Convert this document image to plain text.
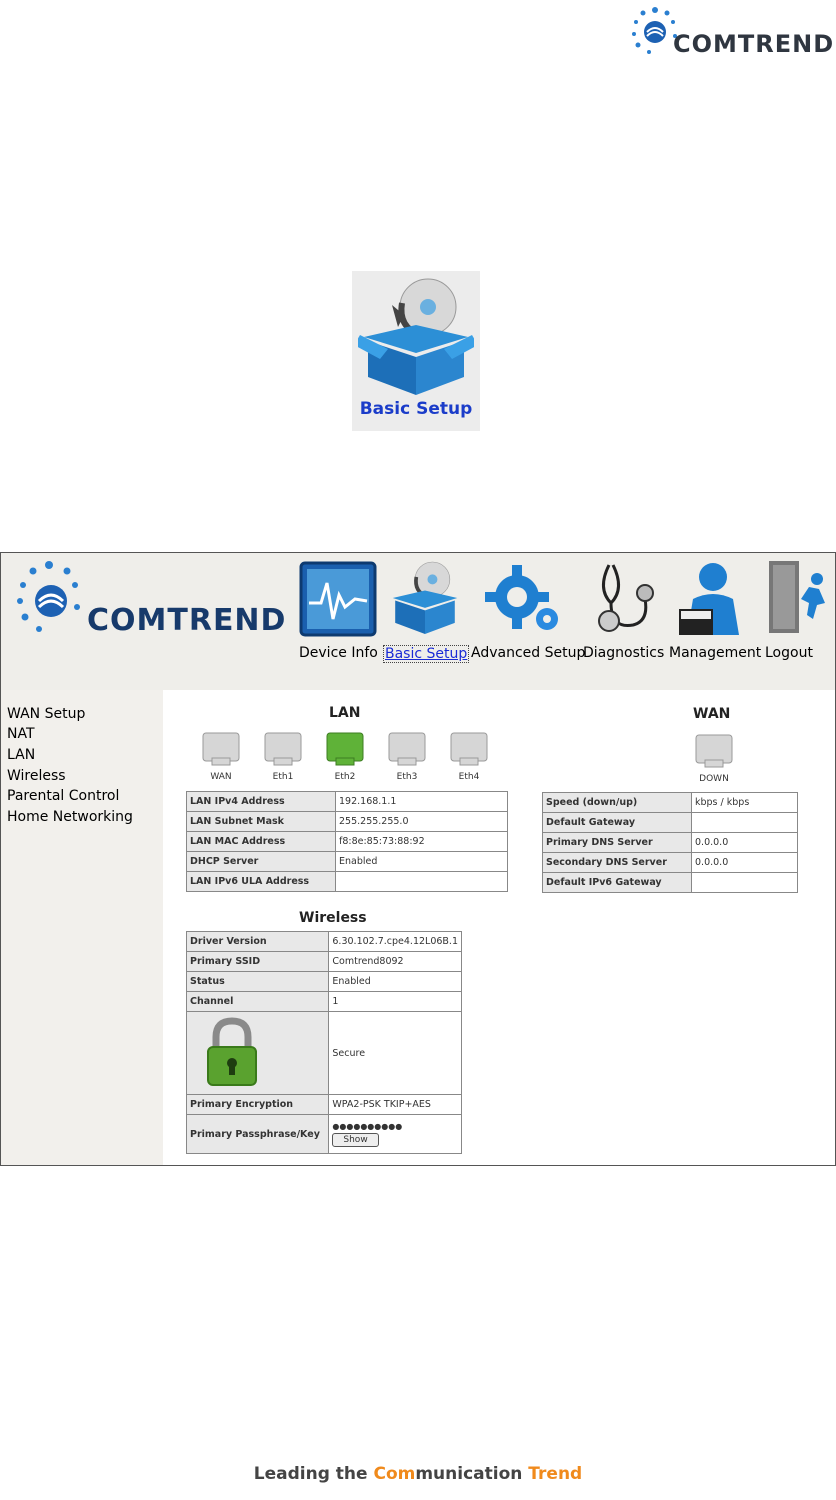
COMTREND
Basic Setup
COMTREND
Device Info Basic Setup Advanced Setup
Diagnostics Management Logout
WAN Setup
NAT
LAN
Wireless
Parental Control
Home Networking
LAN
WAN	Eth1	Eth2	Eth3	Eth4
LAN IPv4 Address	192.168.1.1
LAN Subnet Mask	255.255.255.0
LAN MAC Address	f8:8e:85:73:88:92
DHCP Server	Enabled
LAN IPv6 ULA Address	
WAN
DOWN
Speed (down/up)	kbps / kbps
Default Gateway	
Primary DNS Server	0.0.0.0
Secondary DNS Server	0.0.0.0
Default IPv6 Gateway	
Wireless
Driver Version	6.30.102.7.cpe4.12L06B.1
Primary SSID	Comtrend8092
Status	Enabled
Channel	1
	Secure
Primary Encryption	WPA2-PSK TKIP+AES
Primary Passphrase/Key	●●●●●●●●●●
Show
Leading the Communication Trend
